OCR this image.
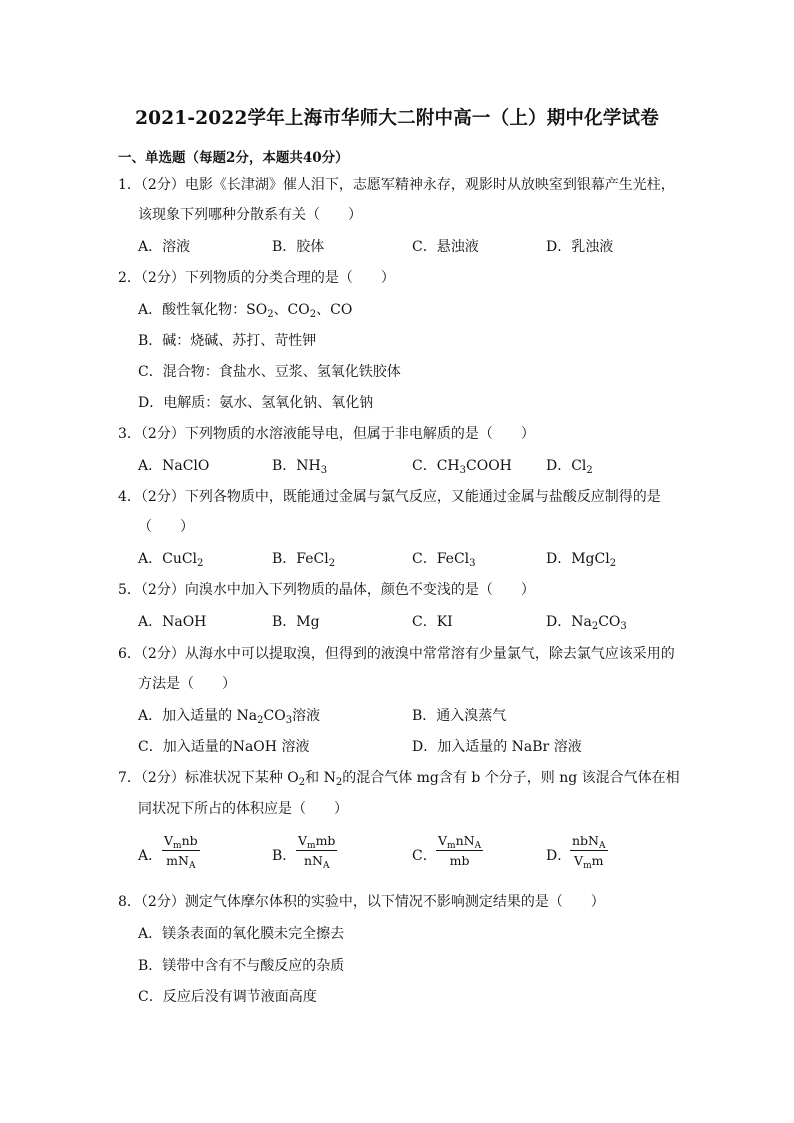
2021-2022学年上海市华师大二附中高一（上）期中化学试卷
一、单选题（每题2分，本题共40分）
1．（2分）电影《长津湖》催人泪下，志愿军精神永存，观影时从放映室到银幕产生光柱，
该现象下列哪种分散系有关（　　）
A．溶液	B．胶体	C．悬浊液	D．乳浊液
2．（2分）下列物质的分类合理的是（　　）
A．酸性氧化物：$SO_2$、$CO_2$、CO
B．碱：烧碱、苏打、苛性钾
C．混合物：食盐水、豆浆、氢氧化铁胶体
D．电解质：氨水、氢氧化钠、氧化钠
3．（2分）下列物质的水溶液能导电，但属于非电解质的是（　　）
A．NaClO	B．$NH_3$	C．$CH_3COOH$ D．$Cl_2$
4．（2分）下列各物质中，既能通过金属与氯气反应，又能通过金属与盐酸反应制得的是
（　　）
A．CuCl$_2$	B．FeCl$_2$	C．FeCl$_3$	D．MgCl$_2$
5．（2分）向溴水中加入下列物质的晶体，颜色不变浅的是（　　）
A．NaOH	B．Mg	C．KI	D．$Na_2CO_3$
6．（2分）从海水中可以提取溴，但得到的液溴中常常溶有少量氯气，除去氯气应该采用的
方法是（　　）
A．加入适量的 $Na_2CO_3$溶液	B．通入溴蒸气
C．加入适量的NaOH 溶液	D．加入适量的 NaBr 溶液
7．（2分）标准状况下某种 $O_2$和 $N_2$的混合气体 mg含有 b 个分子，则 ng 该混合气体在相
同状况下所占的体积应是（　　）
A．
$V_mnb$
$mN_A$
B．
$V_mmb$
$nN_A$
C．
$V_mnN_A$
mb	D．
nbN$_A$
$V_mm$
8．（2分）测定气体摩尔体积的实验中，以下情况不影响测定结果的是（　　）
A．镁条表面的氧化膜未完全擦去
B．镁带中含有不与酸反应的杂质
C．反应后没有调节液面高度
